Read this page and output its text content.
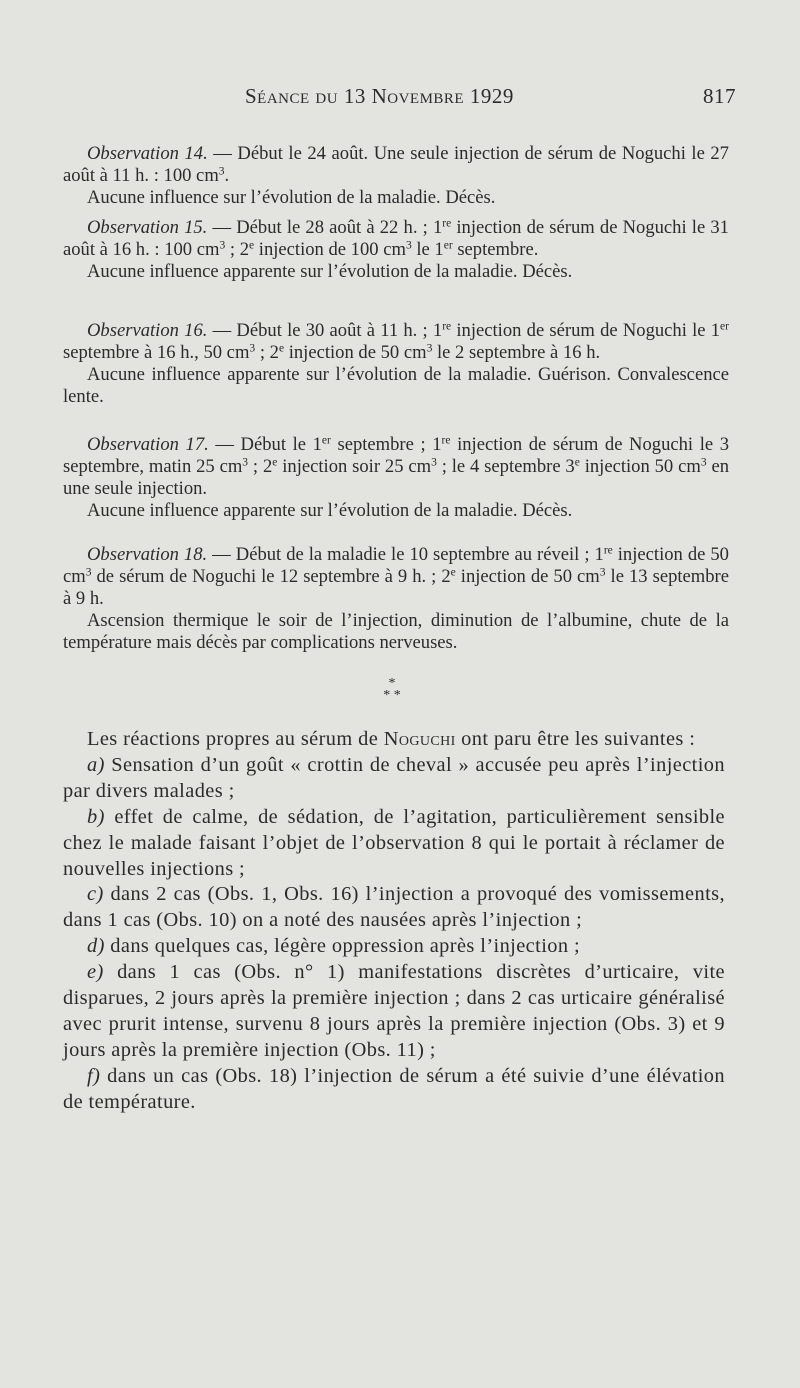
Séance du 13 Novembre 1929	817

Observation 14. — Début le 24 août. Une seule injection de sérum de Noguchi le 27 août à 11 h. : 100 $cm^3$.

Aucune influence sur l’évolution de la maladie. Décès.

Observation 15. — Début le 28 août à 22 h. ; 1re injection de sérum de Noguchi le 31 août à 16 h. : 100 $cm^3$ ; 2e injection de 100 $cm^3$ le 1er septembre.

Aucune influence apparente sur l’évolution de la maladie. Décès.

Observation 16. — Début le 30 août à 11 h. ; 1re injection de sérum de Noguchi le 1er septembre à 16 h., 50 $cm^3$ ; 2e injection de 50 $cm^3$ le 2 septembre à 16 h.

Aucune influence apparente sur l’évolution de la maladie. Guérison. Convalescence lente.

Observation 17. — Début le 1er septembre ; 1re injection de sérum de Noguchi le 3 septembre, matin 25 $cm^3$ ; 2e injection soir 25 $cm^3$ ; le 4 septembre 3e injection 50 $cm^3$ en une seule injection.

Aucune influence apparente sur l’évolution de la maladie. Décès.

Observation 18. — Début de la maladie le 10 septembre au réveil ; 1re injection de 50 $cm^3$ de sérum de Noguchi le 12 septembre à 9 h. ; 2e injection de 50 $cm^3$ le 13 septembre à 9 h.

Ascension thermique le soir de l’injection, diminution de l’albumine, chute de la température mais décès par complications nerveuses.

*
* *

Les réactions propres au sérum de Noguchi ont paru être les suivantes :

a) Sensation d’un goût « crottin de cheval » accusée peu après l’injection par divers malades ;

b) effet de calme, de sédation, de l’agitation, particulièrement sensible chez le malade faisant l’objet de l’observation 8 qui le portait à réclamer de nouvelles injections ;

c) dans 2 cas (Obs. 1, Obs. 16) l’injection a provoqué des vomissements, dans 1 cas (Obs. 10) on a noté des nausées après l’injection ;

d) dans quelques cas, légère oppression après l’injection ;

e) dans 1 cas (Obs. n° 1) manifestations discrètes d’urticaire, vite disparues, 2 jours après la première injection ; dans 2 cas urticaire généralisé avec prurit intense, survenu 8 jours après la première injection (Obs. 3) et 9 jours après la première injection (Obs. 11) ;

f) dans un cas (Obs. 18) l’injection de sérum a été suivie d’une élévation de température.
